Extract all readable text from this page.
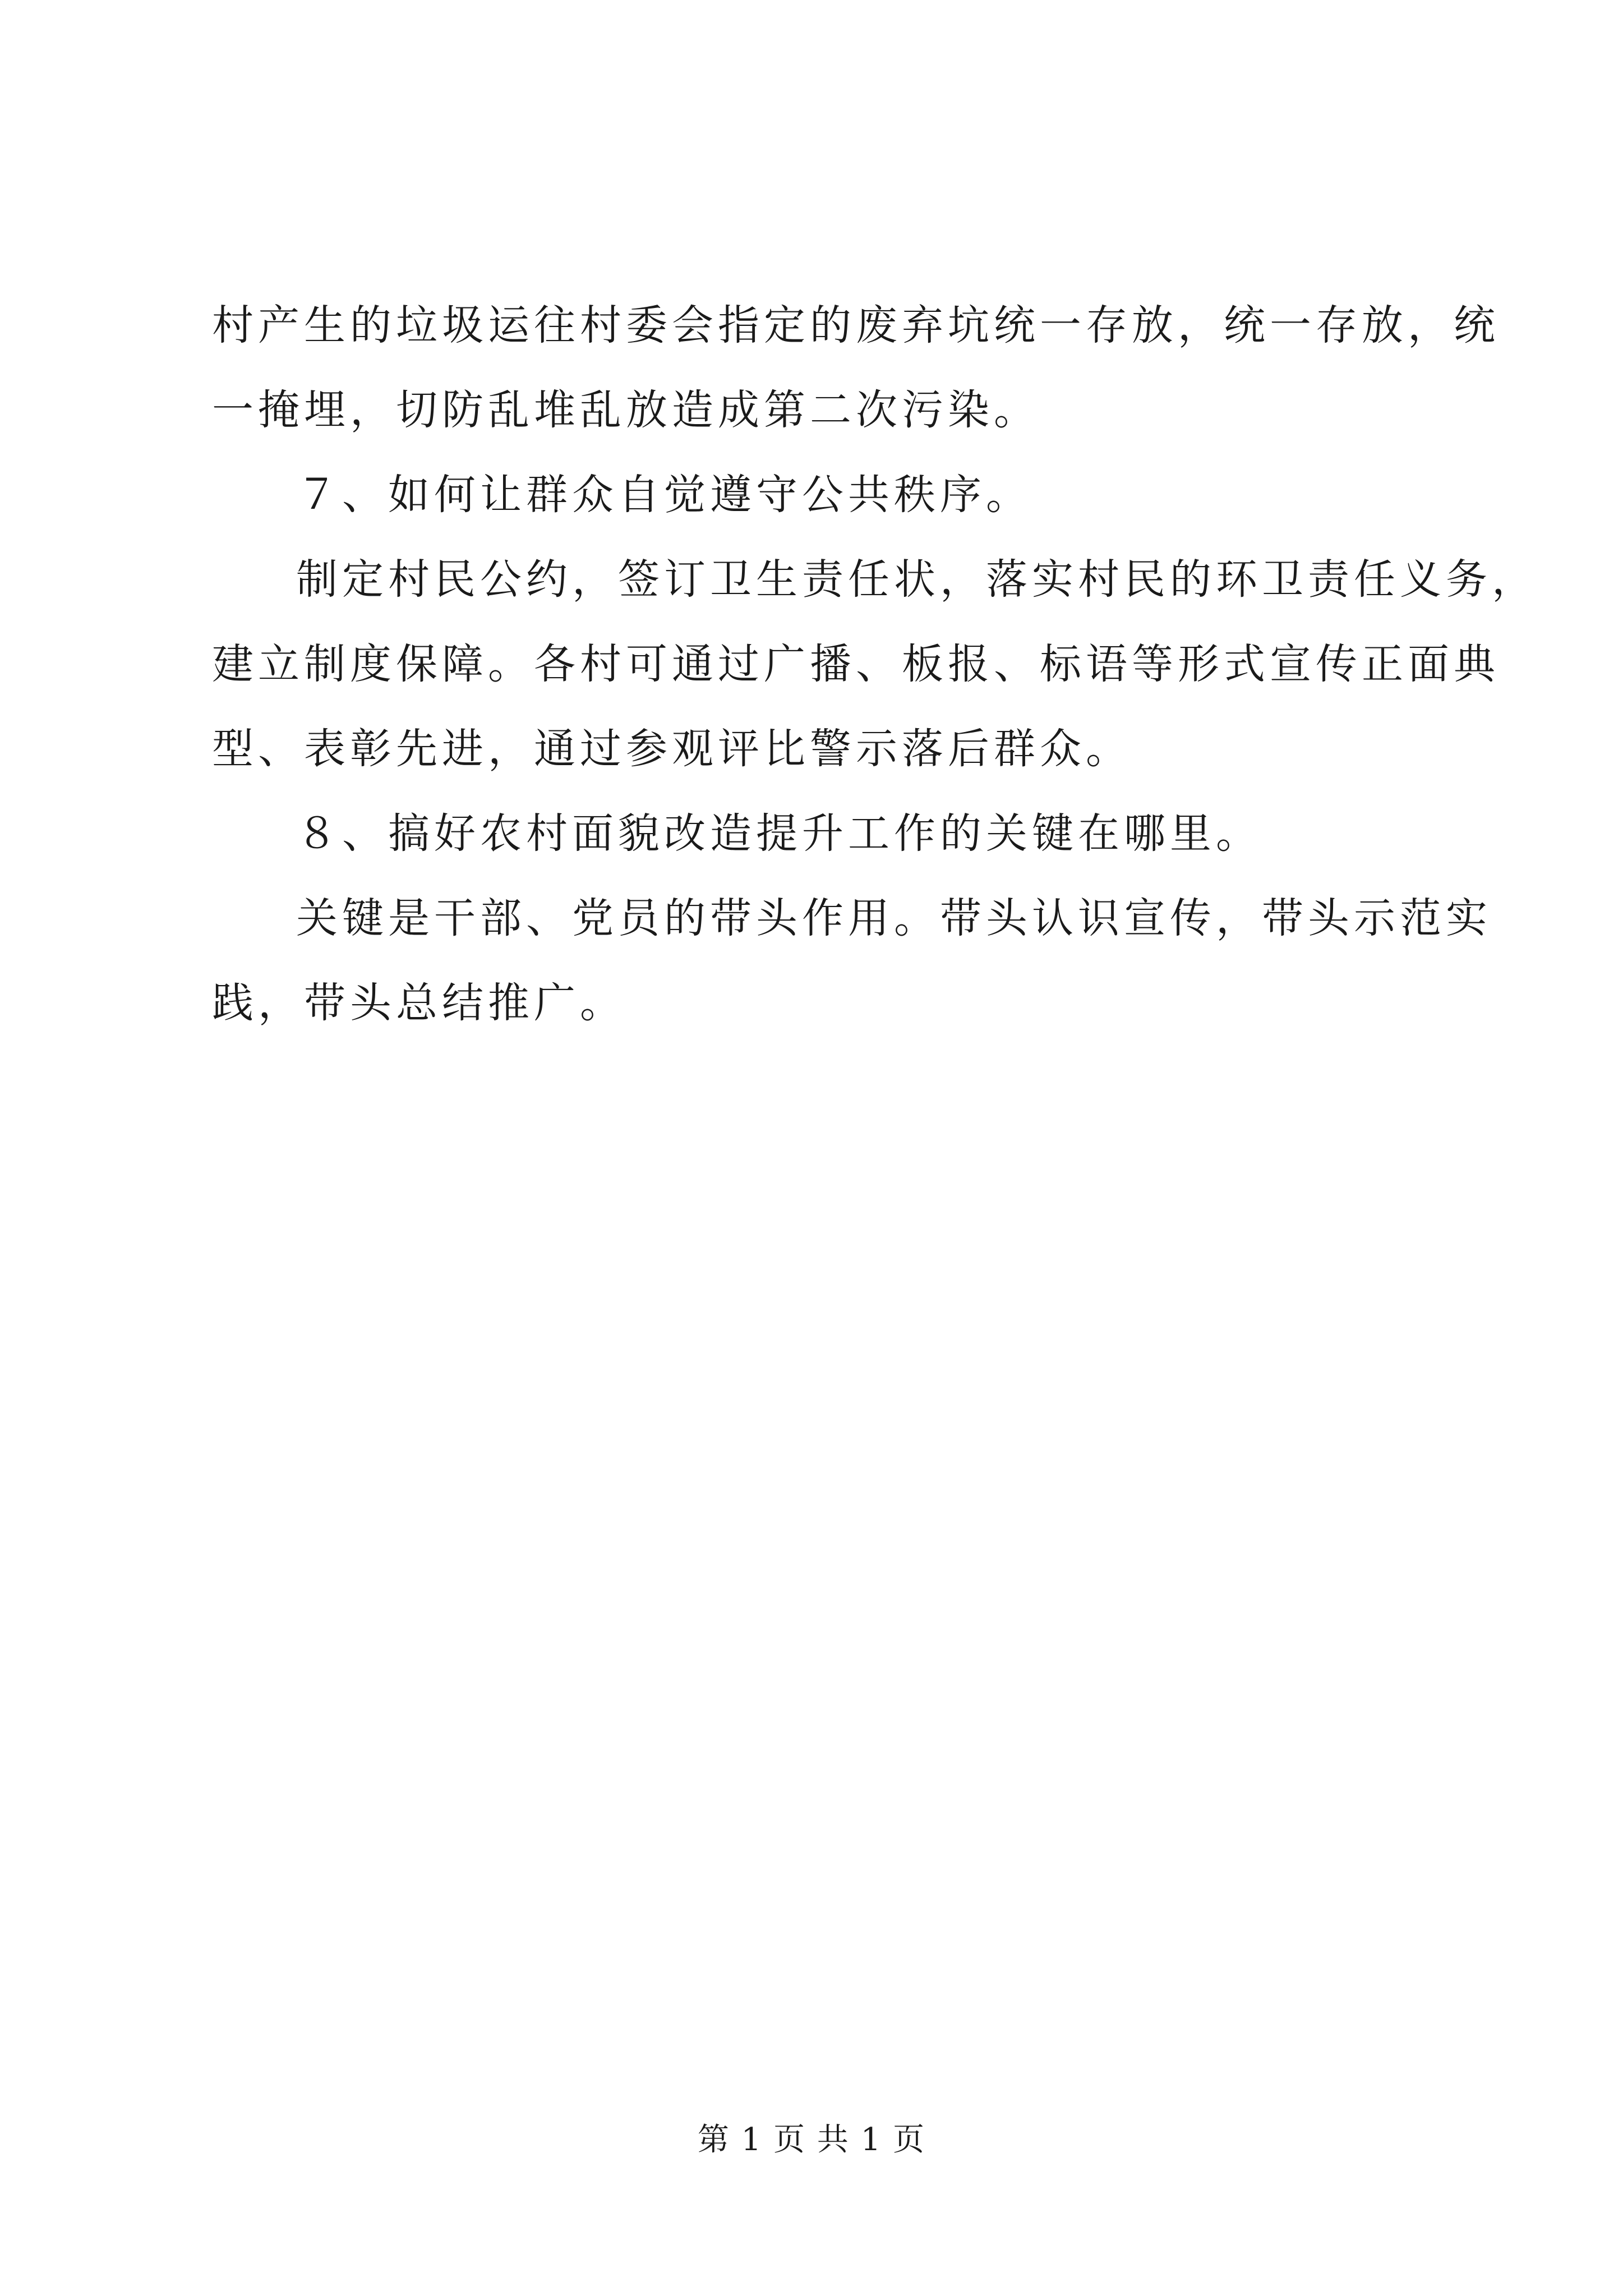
村产生的垃圾运往村委会指定的废弃坑统一存放，统一存放，统
一掩埋，切防乱堆乱放造成第二次污染。
７、如何让群众自觉遵守公共秩序。
制定村民公约，签订卫生责任状，落实村民的环卫责任义务，
建立制度保障。各村可通过广播、板报、标语等形式宣传正面典
型、表彰先进，通过参观评比警示落后群众。
８、搞好农村面貌改造提升工作的关键在哪里。
关键是干部、党员的带头作用。带头认识宣传，带头示范实
践，带头总结推广。
第 1 页 共 1 页
